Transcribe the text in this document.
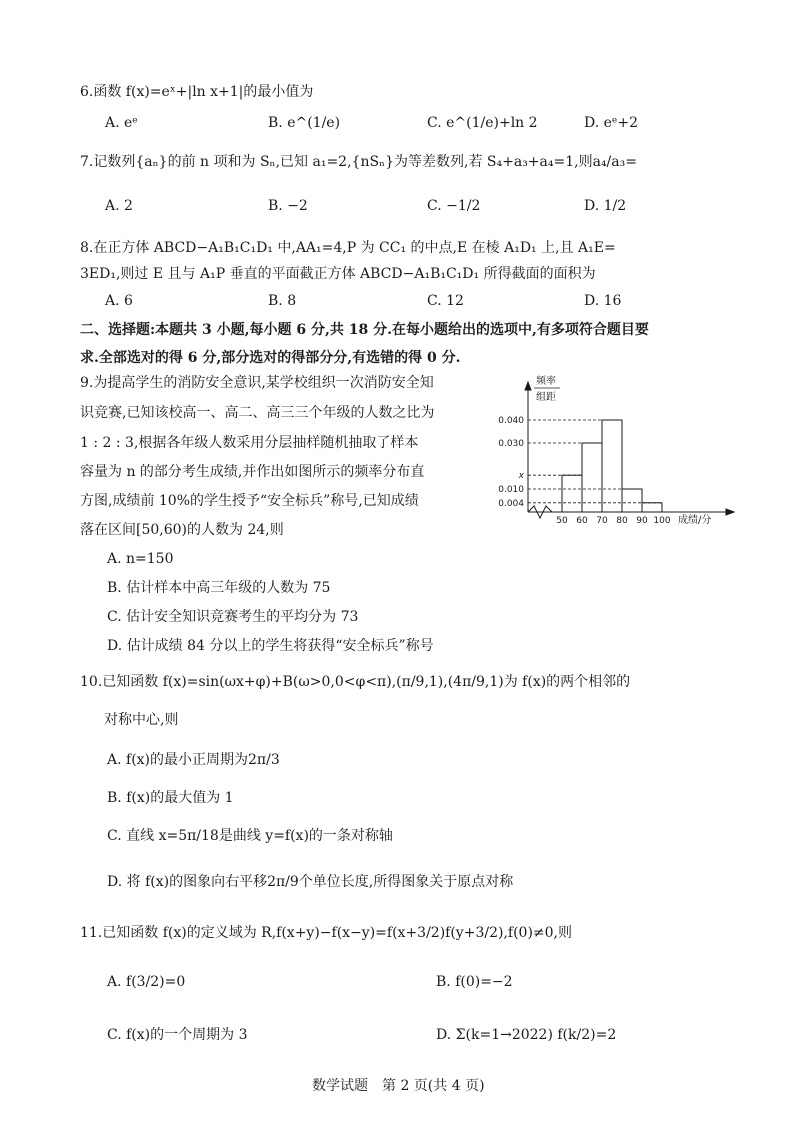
6.函数 f(x)=eˣ+|ln x+1|的最小值为
A. eᵉ	B. e^(1/e)	C. e^(1/e)+ln 2	D. eᵉ+2
7.记数列{aₙ}的前 n 项和为 Sₙ,已知 a₁=2,{nSₙ}为等差数列,若 S₄+a₃+a₄=1,则a₄/a₃=
A. 2	B. −2	C. −1/2	D. 1/2
8.在正方体 ABCD−A₁B₁C₁D₁ 中,AA₁=4,P 为 CC₁ 的中点,E 在棱 A₁D₁ 上,且 A₁E=
3ED₁,则过 E 且与 A₁P 垂直的平面截正方体 ABCD−A₁B₁C₁D₁ 所得截面的面积为
A. 6	B. 8	C. 12	D. 16
二、选择题:本题共 3 小题,每小题 6 分,共 18 分.在每小题给出的选项中,有多项符合题目要
求.全部选对的得 6 分,部分选对的得部分分,有选错的得 0 分.
9.为提高学生的消防安全意识,某学校组织一次消防安全知
识竞赛,已知该校高一、高二、高三三个年级的人数之比为
1 : 2 : 3,根据各年级人数采用分层抽样随机抽取了样本
容量为 n 的部分考生成绩,并作出如图所示的频率分布直
方图,成绩前 10%的学生授予“安全标兵”称号,已知成绩
落在区间[50,60)的人数为 24,则
A. n=150
B. 估计样本中高三年级的人数为 75
C. 估计安全知识竞赛考生的平均分为 73
D. 估计成绩 84 分以上的学生将获得“安全标兵”称号
频率
组距
成绩/分
0.040
0.030
x
0.010
0.004
50 60 70 80 90 100
10.已知函数 f(x)=sin(ωx+φ)+B(ω>0,0<φ<π),(π/9,1),(4π/9,1)为 f(x)的两个相邻的
对称中心,则
A. f(x)的最小正周期为2π/3
B. f(x)的最大值为 1
C. 直线 x=5π/18是曲线 y=f(x)的一条对称轴
D. 将 f(x)的图象向右平移2π/9个单位长度,所得图象关于原点对称
11.已知函数 f(x)的定义域为 R,f(x+y)−f(x−y)=f(x+3/2)f(y+3/2),f(0)≠0,则
A. f(3/2)=0	B. f(0)=−2
C. f(x)的一个周期为 3	D. Σ(k=1→2022) f(k/2)=2
数学试题　第 2 页(共 4 页)
